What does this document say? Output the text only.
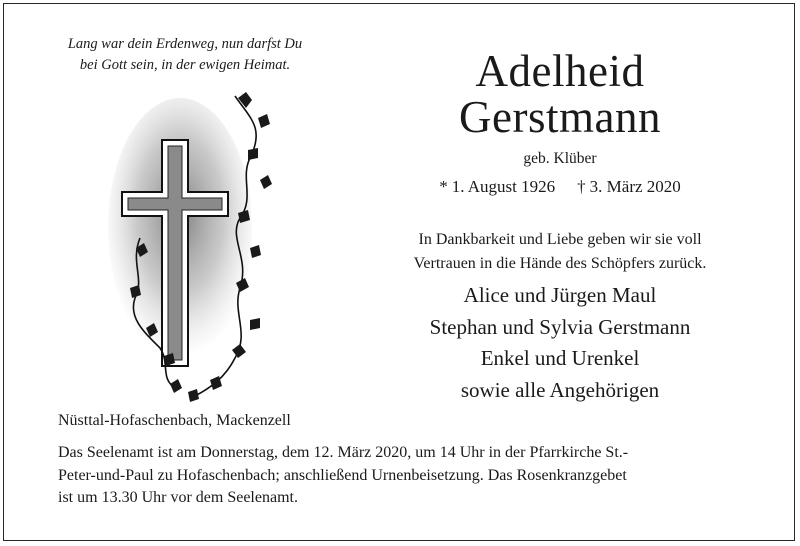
Lang war dein Erdenweg, nun darfst Du
bei Gott sein, in der ewigen Heimat.	Adelheid
Gerstmann
geb. Klüber
* 1. August 1926 † 3. März 2020
In Dankbarkeit und Liebe geben wir sie voll
Vertrauen in die Hände des Schöpfers zurück.
Alice und Jürgen Maul
Stephan und Sylvia Gerstmann
Enkel und Urenkel
sowie alle Angehörigen
Nüsttal-Hofaschenbach, Mackenzell
Das Seelenamt ist am Donnerstag, dem 12. März 2020, um 14 Uhr in der Pfarrkirche St.-
Peter-und-Paul zu Hofaschenbach; anschließend Urnenbeisetzung. Das Rosenkranzgebet
ist um 13.30 Uhr vor dem Seelenamt.
